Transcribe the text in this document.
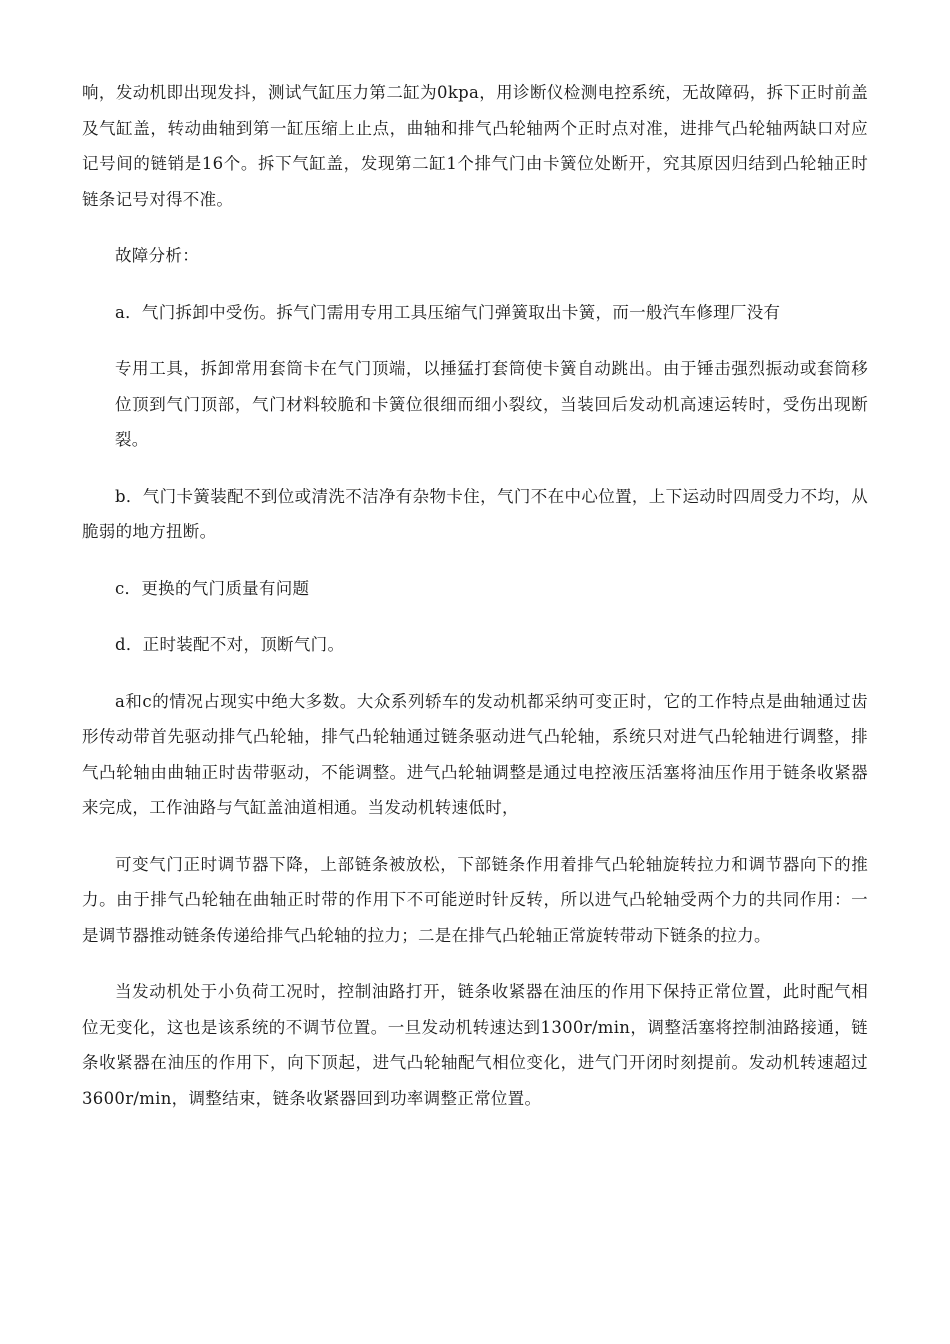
响，发动机即出现发抖，测试气缸压力第二缸为0kpa，用诊断仪检测电控系统，无故障码，拆下正时前盖及气缸盖，转动曲轴到第一缸压缩上止点，曲轴和排气凸轮轴两个正时点对准，进排气凸轮轴两缺口对应记号间的链销是16个。拆下气缸盖，发现第二缸1个排气门由卡簧位处断开，究其原因归结到凸轮轴正时链条记号对得不准。

故障分析：

a．气门拆卸中受伤。拆气门需用专用工具压缩气门弹簧取出卡簧，而一般汽车修理厂没有

专用工具，拆卸常用套筒卡在气门顶端，以捶猛打套筒使卡簧自动跳出。由于锤击强烈振动或套筒移位顶到气门顶部，气门材料较脆和卡簧位很细而细小裂纹，当装回后发动机高速运转时，受伤出现断裂。

b．气门卡簧装配不到位或清洗不洁净有杂物卡住，气门不在中心位置，上下运动时四周受力不均，从脆弱的地方扭断。

c．更换的气门质量有问题

d．正时装配不对，顶断气门。

a和c的情况占现实中绝大多数。大众系列轿车的发动机都采纳可变正时，它的工作特点是曲轴通过齿形传动带首先驱动排气凸轮轴，排气凸轮轴通过链条驱动进气凸轮轴，系统只对进气凸轮轴进行调整，排气凸轮轴由曲轴正时齿带驱动，不能调整。进气凸轮轴调整是通过电控液压活塞将油压作用于链条收紧器来完成，工作油路与气缸盖油道相通。当发动机转速低时，

可变气门正时调节器下降，上部链条被放松，下部链条作用着排气凸轮轴旋转拉力和调节器向下的推力。由于排气凸轮轴在曲轴正时带的作用下不可能逆时针反转，所以进气凸轮轴受两个力的共同作用：一是调节器推动链条传递给排气凸轮轴的拉力；二是在排气凸轮轴正常旋转带动下链条的拉力。

当发动机处于小负荷工况时，控制油路打开，链条收紧器在油压的作用下保持正常位置，此时配气相位无变化，这也是该系统的不调节位置。一旦发动机转速达到1300r/min，调整活塞将控制油路接通，链条收紧器在油压的作用下，向下顶起，进气凸轮轴配气相位变化，进气门开闭时刻提前。发动机转速超过3600r/min，调整结束，链条收紧器回到功率调整正常位置。
